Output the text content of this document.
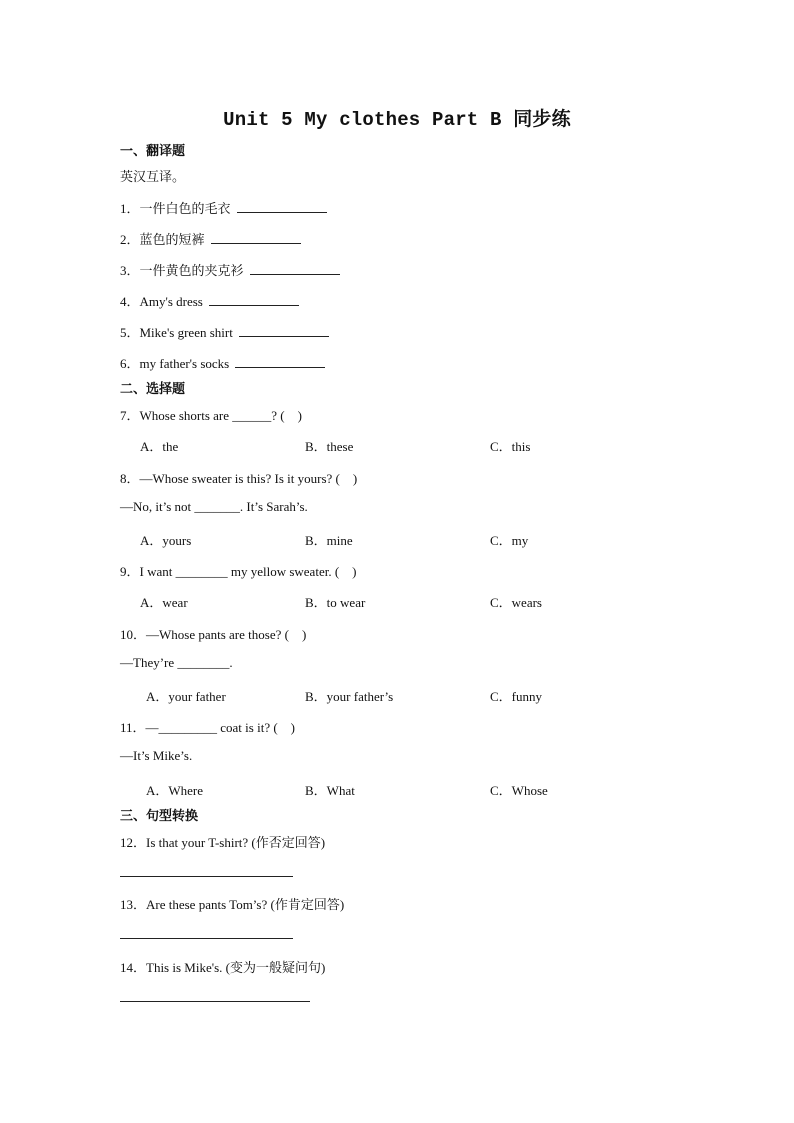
Unit 5 My clothes Part B 同步练
一、翻译题
英汉互译。
1．一件白色的毛衣
2．蓝色的短裤
3．一件黄色的夹克衫
4．Amy's dress
5．Mike's green shirt
6．my father's socks
二、选择题
7．Whose shorts are ______? (　)
A．the	B．these	C．this
8．—Whose sweater is this? Is it yours? (　)
—No, it’s not _______. It’s Sarah’s.
A．yours	B．mine	C．my
9．I want ________ my yellow sweater. (　)
A．wear	B．to wear	C．wears
10．—Whose pants are those? (　)
—They’re ________.
A．your father	B．your father’s	C．funny
11．—_________ coat is it? (　)
—It’s Mike’s.
A．Where	B．What	C．Whose
三、句型转换
12．Is that your T-shirt? (作否定回答)
13．Are these pants Tom’s? (作肯定回答)
14．This is Mike's. (变为一般疑问句)
